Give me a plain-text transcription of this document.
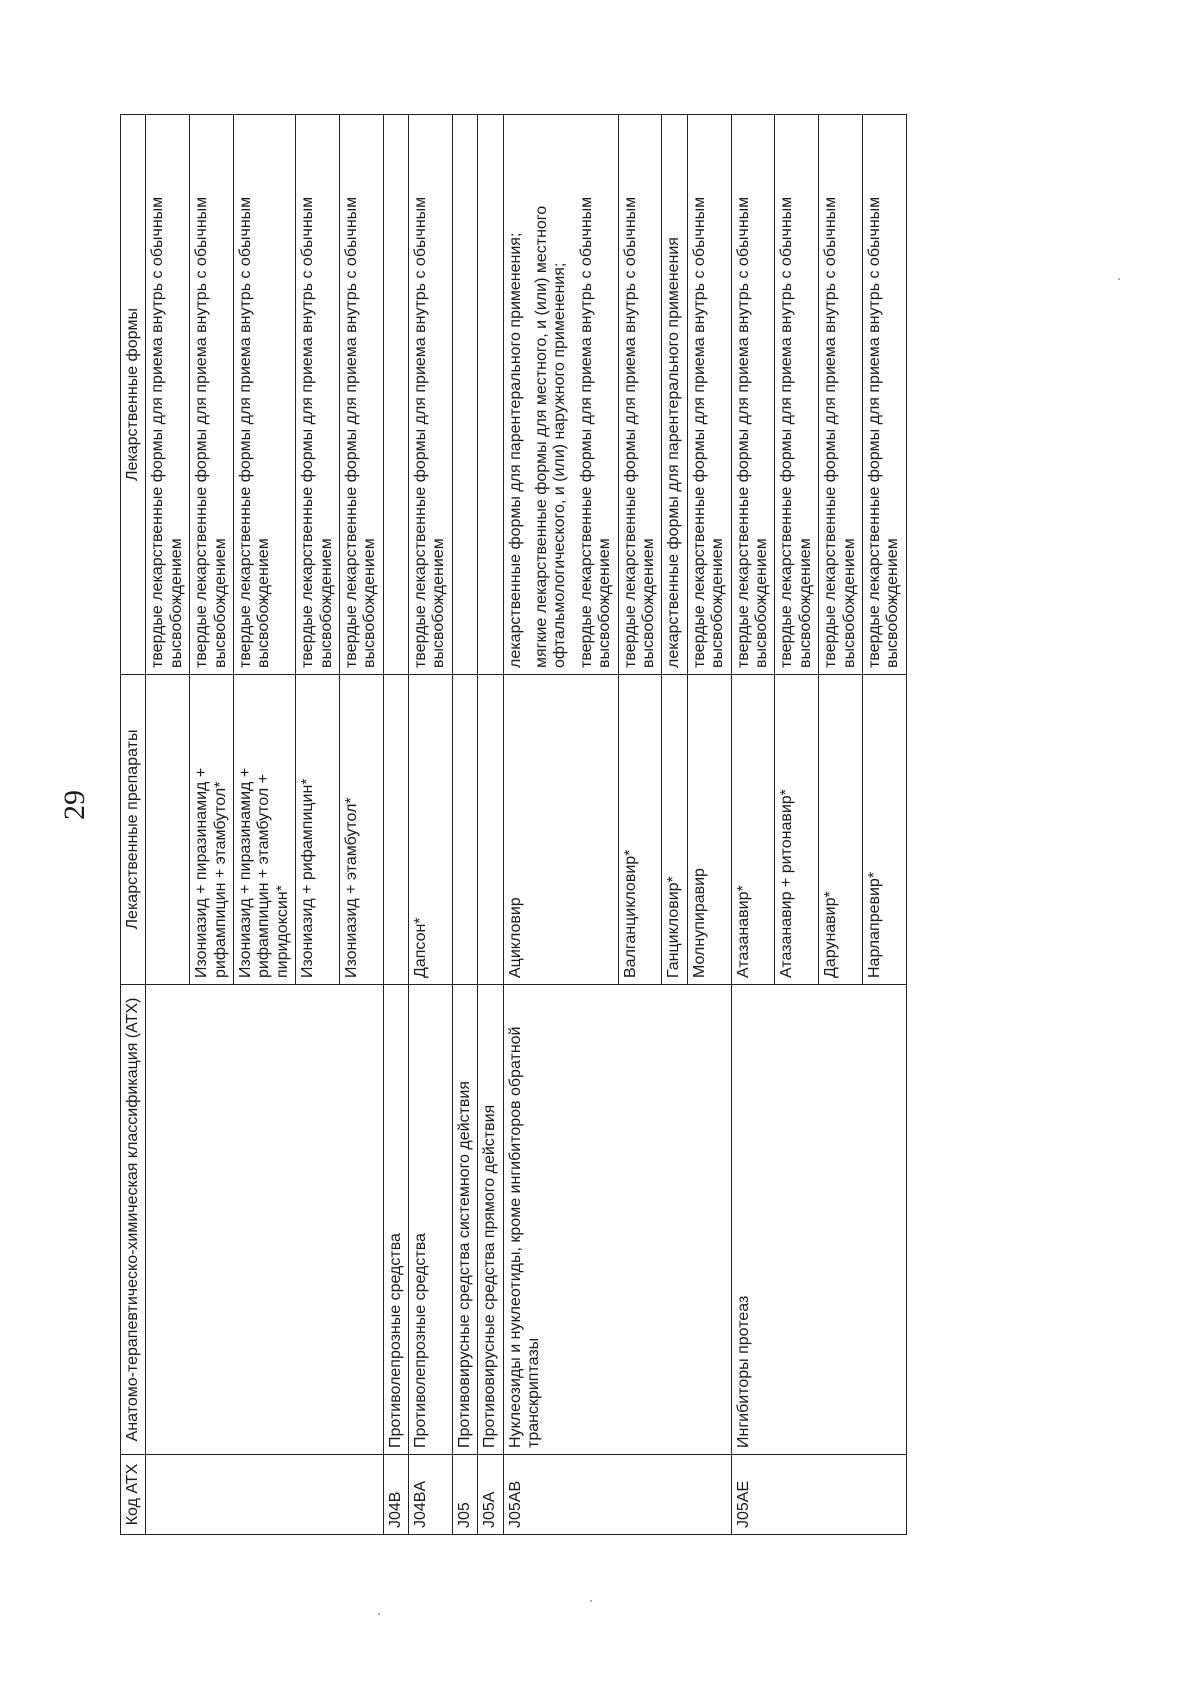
29
Код АТХ	Анатомо-терапевтическо-химическая классификация (АТХ)	Лекарственные препараты	Лекарственные формы
			твердые лекарственные формы для приема внутрь с обычным высвобождением
		Изониазид + пиразинамид + рифампицин + этамбутол*	твердые лекарственные формы для приема внутрь с обычным высвобождением
		Изониазид + пиразинамид + рифампицин + этамбутол + пиридоксин*	твердые лекарственные формы для приема внутрь с обычным высвобождением
		Изониазид + рифампицин*	твердые лекарственные формы для приема внутрь с обычным высвобождением
		Изониазид + этамбутол*	твердые лекарственные формы для приема внутрь с обычным высвобождением
J04B	Противолепрозные средства		
J04BA	Противолепрозные средства	Дапсон*	твердые лекарственные формы для приема внутрь с обычным высвобождением
J05	Противовирусные средства системного действия		
J05A	Противовирусные средства прямого действия		
J05AB	Нуклеозиды и нуклеотиды, кроме ингибиторов обратной транскриптазы	Ацикловир	лекарственные формы для парентерального применения; мягкие лекарственные формы для местного, и (или) местного офтальмологического, и (или) наружного применения; твердые лекарственные формы для приема внутрь с обычным высвобождением

		Валганцикловир*	твердые лекарственные формы для приема внутрь с обычным высвобождением
		Ганцикловир*	лекарственные формы для парентерального применения
		Молнупиравир	твердые лекарственные формы для приема внутрь с обычным высвобождением
J05AE	Ингибиторы протеаз	Атазанавир*	твердые лекарственные формы для приема внутрь с обычным высвобождением
		Атазанавир + ритонавир*	твердые лекарственные формы для приема внутрь с обычным высвобождением
		Дарунавир*	твердые лекарственные формы для приема внутрь с обычным высвобождением
		Нарлапревир*	твердые лекарственные формы для приема внутрь с обычным высвобождением
